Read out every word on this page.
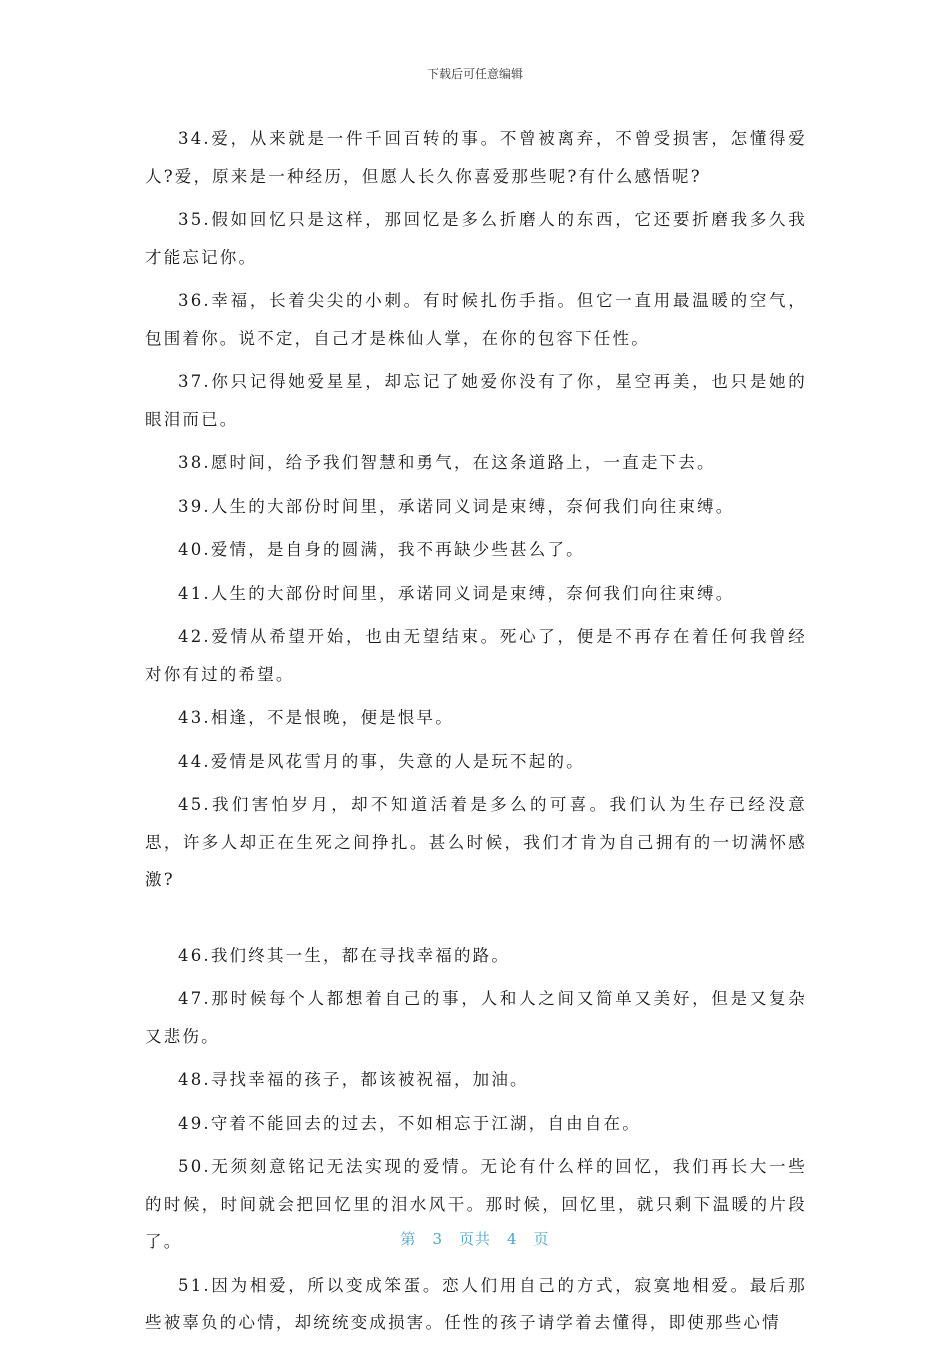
下载后可任意编辑

34.爱，从来就是一件千回百转的事。不曾被离弃，不曾受损害，怎懂得爱人?爱，原来是一种经历，但愿人长久你喜爱那些呢?有什么感悟呢?

35.假如回忆只是这样，那回忆是多么折磨人的东西，它还要折磨我多久我才能忘记你。

36.幸福，长着尖尖的小刺。有时候扎伤手指。但它一直用最温暖的空气，包围着你。说不定，自己才是株仙人掌，在你的包容下任性。

37.你只记得她爱星星，却忘记了她爱你没有了你，星空再美，也只是她的眼泪而已。

38.愿时间，给予我们智慧和勇气，在这条道路上，一直走下去。

39.人生的大部份时间里，承诺同义词是束缚，奈何我们向往束缚。

40.爱情，是自身的圆满，我不再缺少些甚么了。

41.人生的大部份时间里，承诺同义词是束缚，奈何我们向往束缚。

42.爱情从希望开始，也由无望结束。死心了，便是不再存在着任何我曾经对你有过的希望。

43.相逢，不是恨晚，便是恨早。

44.爱情是风花雪月的事，失意的人是玩不起的。

45.我们害怕岁月，却不知道活着是多么的可喜。我们认为生存已经没意思，许多人却正在生死之间挣扎。甚么时候，我们才肯为自己拥有的一切满怀感激?

46.我们终其一生，都在寻找幸福的路。

47.那时候每个人都想着自己的事，人和人之间又简单又美好，但是又复杂又悲伤。

48.寻找幸福的孩子，都该被祝福，加油。

49.守着不能回去的过去，不如相忘于江湖，自由自在。

50.无须刻意铭记无法实现的爱情。无论有什么样的回忆，我们再长大一些的时候，时间就会把回忆里的泪水风干。那时候，回忆里，就只剩下温暖的片段了。

51.因为相爱，所以变成笨蛋。恋人们用自己的方式，寂寞地相爱。最后那些被辜负的心情，却统统变成损害。任性的孩子请学着去懂得，即使那些心情

第 3 页共 4 页
